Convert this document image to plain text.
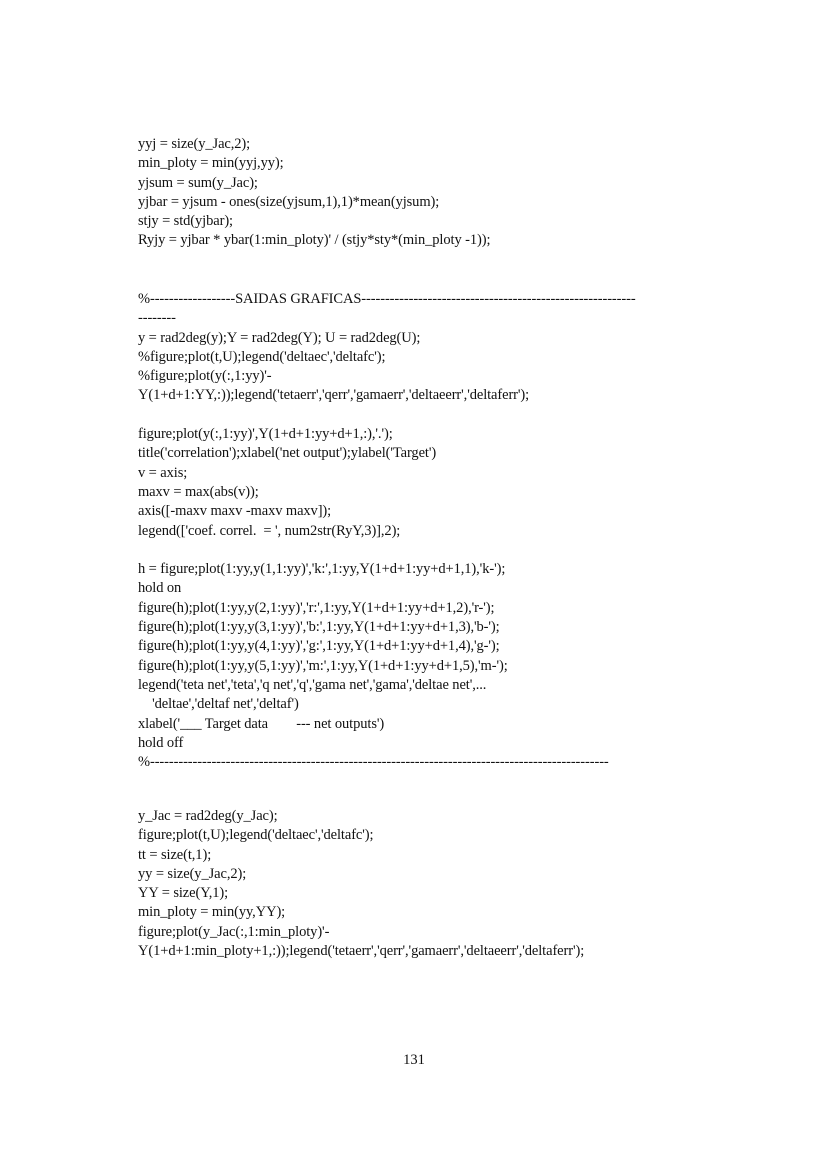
yyj = size(y_Jac,2);
min_ploty = min(yyj,yy);
yjsum = sum(y_Jac);
yjbar = yjsum - ones(size(yjsum,1),1)*mean(yjsum);
stjy = std(yjbar);
Ryjy = yjbar * ybar(1:min_ploty)' / (stjy*sty*(min_ploty -1));
%------------------SAIDAS GRAFICAS----------------------------------------------------------
--------
y = rad2deg(y);Y = rad2deg(Y); U = rad2deg(U);
%figure;plot(t,U);legend('deltaec','deltafc');
%figure;plot(y(:,1:yy)'-
Y(1+d+1:YY,:));legend('tetaerr','qerr','gamaerr','deltaeerr','deltaferr');
figure;plot(y(:,1:yy)',Y(1+d+1:yy+d+1,:),'.');
title('correlation');xlabel('net output');ylabel('Target')
v = axis;
maxv = max(abs(v));
axis([-maxv maxv -maxv maxv]);
legend(['coef. correl.  = ', num2str(RyY,3)],2);
h = figure;plot(1:yy,y(1,1:yy)','k:',1:yy,Y(1+d+1:yy+d+1,1),'k-');
hold on
figure(h);plot(1:yy,y(2,1:yy)','r:',1:yy,Y(1+d+1:yy+d+1,2),'r-');
figure(h);plot(1:yy,y(3,1:yy)','b:',1:yy,Y(1+d+1:yy+d+1,3),'b-');
figure(h);plot(1:yy,y(4,1:yy)','g:',1:yy,Y(1+d+1:yy+d+1,4),'g-');
figure(h);plot(1:yy,y(5,1:yy)','m:',1:yy,Y(1+d+1:yy+d+1,5),'m-');
legend('teta net','teta','q net','q','gama net','gama','deltae net',...
'deltae','deltaf net','deltaf')
xlabel('___ Target data        --- net outputs')
hold off
%-------------------------------------------------------------------------------------------------
y_Jac = rad2deg(y_Jac);
figure;plot(t,U);legend('deltaec','deltafc');
tt = size(t,1);
yy = size(y_Jac,2);
YY = size(Y,1);
min_ploty = min(yy,YY);
figure;plot(y_Jac(:,1:min_ploty)'-
Y(1+d+1:min_ploty+1,:));legend('tetaerr','qerr','gamaerr','deltaeerr','deltaferr');
131
